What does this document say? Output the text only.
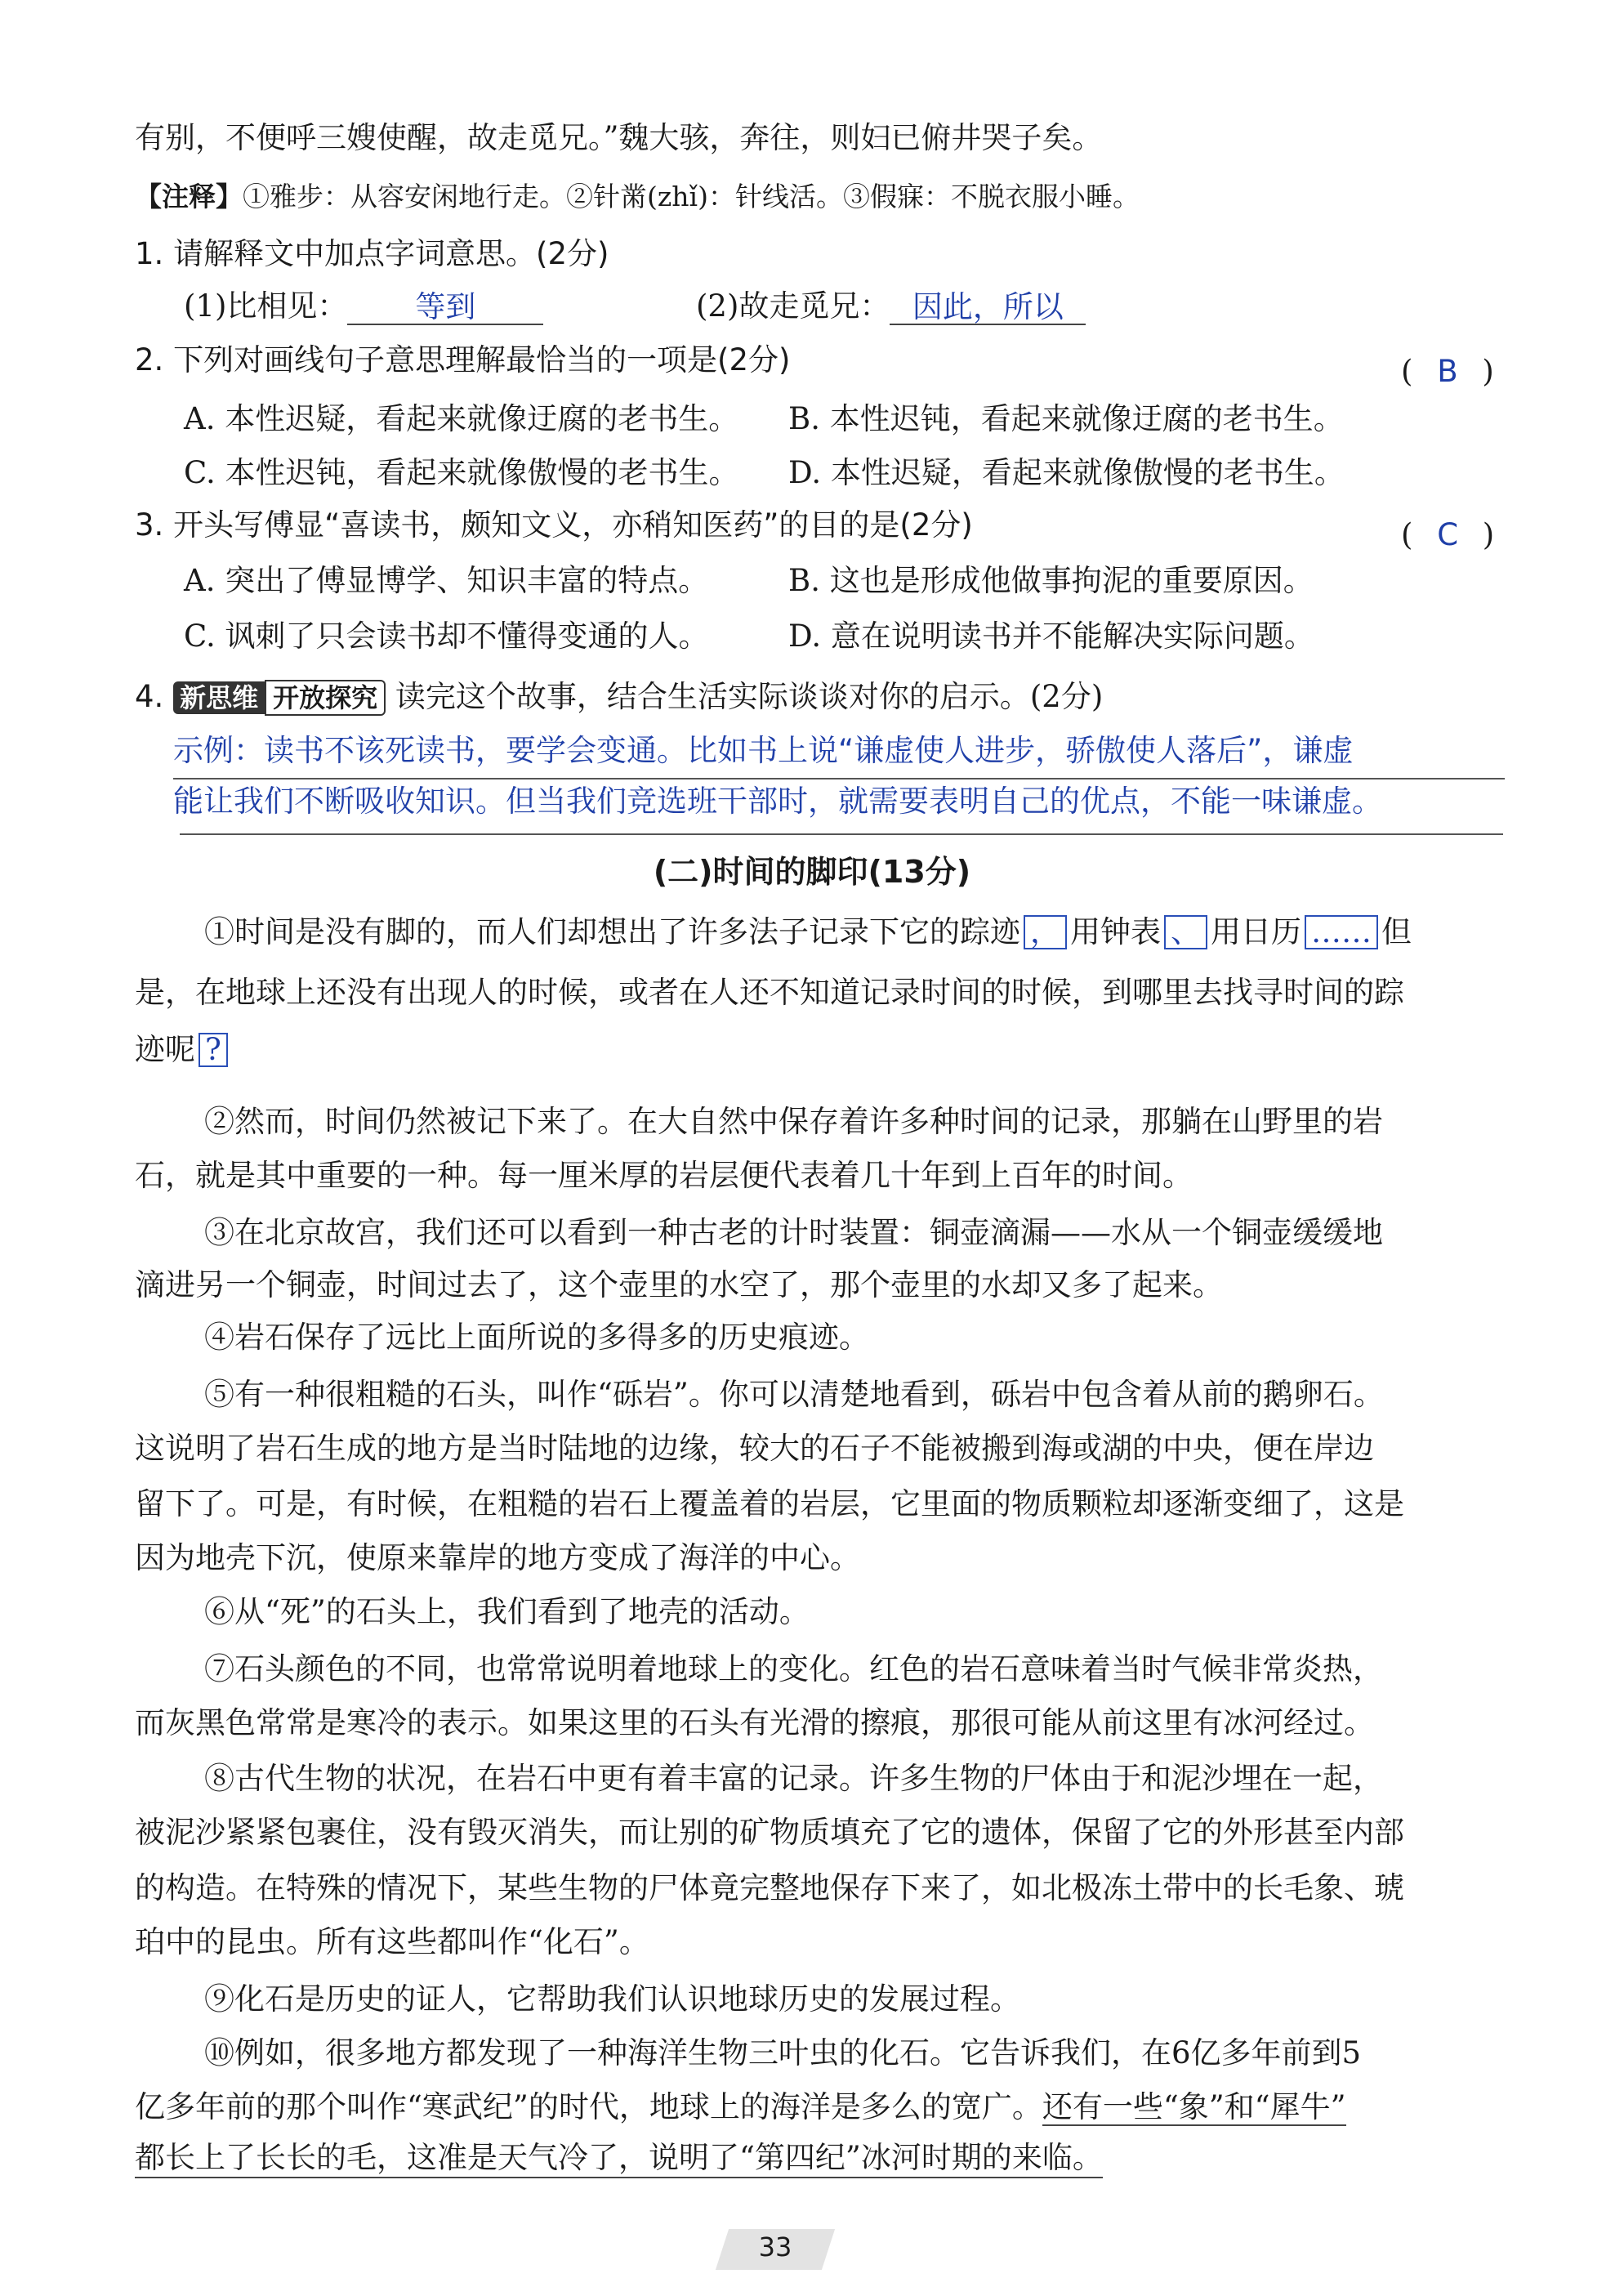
有别，不便呼三嫂使醒，故走觅兄。”魏大骇，奔往，则妇已俯井哭子矣。
【注释】①雅步：从容安闲地行走。②针黹(zhǐ)：针线活。③假寐：不脱衣服小睡。
1. 请解释文中加点字词意思。(2分)
(1)比相见： 等到	(2)故走觅兄： 因此，所以
2. 下列对画线句子意思理解最恰当的一项是(2分)	( B )
A. 本性迟疑，看起来就像迂腐的老书生。 B. 本性迟钝，看起来就像迂腐的老书生。
C. 本性迟钝，看起来就像傲慢的老书生。 D. 本性迟疑，看起来就像傲慢的老书生。
3. 开头写傅显“喜读书，颇知文义，亦稍知医药”的目的是(2分)	( C )
A. 突出了傅显博学、知识丰富的特点。	B. 这也是形成他做事拘泥的重要原因。
C. 讽刺了只会读书却不懂得变通的人。	D. 意在说明读书并不能解决实际问题。
4. 新思维 开放探究 读完这个故事，结合生活实际谈谈对你的启示。(2分)
示例：读书不该死读书，要学会变通。比如书上说“谦虚使人进步，骄傲使人落后”，谦虚
能让我们不断吸收知识。但当我们竞选班干部时，就需要表明自己的优点，不能一味谦虚。
(二)时间的脚印(13分)
①时间是没有脚的，而人们却想出了许多法子记录下它的踪迹 ， 用钟表 、 用日历 …… 但
是，在地球上还没有出现人的时候，或者在人还不知道记录时间的时候，到哪里去找寻时间的踪
迹呢 ?
②然而，时间仍然被记下来了。在大自然中保存着许多种时间的记录，那躺在山野里的岩
石，就是其中重要的一种。每一厘米厚的岩层便代表着几十年到上百年的时间。
③在北京故宫，我们还可以看到一种古老的计时装置：铜壶滴漏——水从一个铜壶缓缓地
滴进另一个铜壶，时间过去了，这个壶里的水空了，那个壶里的水却又多了起来。
④岩石保存了远比上面所说的多得多的历史痕迹。
⑤有一种很粗糙的石头，叫作“砾岩”。你可以清楚地看到，砾岩中包含着从前的鹅卵石。
这说明了岩石生成的地方是当时陆地的边缘，较大的石子不能被搬到海或湖的中央，便在岸边
留下了。可是，有时候，在粗糙的岩石上覆盖着的岩层，它里面的物质颗粒却逐渐变细了，这是
因为地壳下沉，使原来靠岸的地方变成了海洋的中心。
⑥从“死”的石头上，我们看到了地壳的活动。
⑦石头颜色的不同，也常常说明着地球上的变化。红色的岩石意味着当时气候非常炎热，
而灰黑色常常是寒冷的表示。如果这里的石头有光滑的擦痕，那很可能从前这里有冰河经过。
⑧古代生物的状况，在岩石中更有着丰富的记录。许多生物的尸体由于和泥沙埋在一起，
被泥沙紧紧包裹住，没有毁灭消失，而让别的矿物质填充了它的遗体，保留了它的外形甚至内部
的构造。在特殊的情况下，某些生物的尸体竟完整地保存下来了，如北极冻土带中的长毛象、琥
珀中的昆虫。所有这些都叫作“化石”。
⑨化石是历史的证人，它帮助我们认识地球历史的发展过程。
⑩例如，很多地方都发现了一种海洋生物三叶虫的化石。它告诉我们，在6亿多年前到5
亿多年前的那个叫作“寒武纪”的时代，地球上的海洋是多么的宽广。还有一些“象”和“犀牛”
都长上了长长的毛，这准是天气冷了，说明了“第四纪”冰河时期的来临。
33
